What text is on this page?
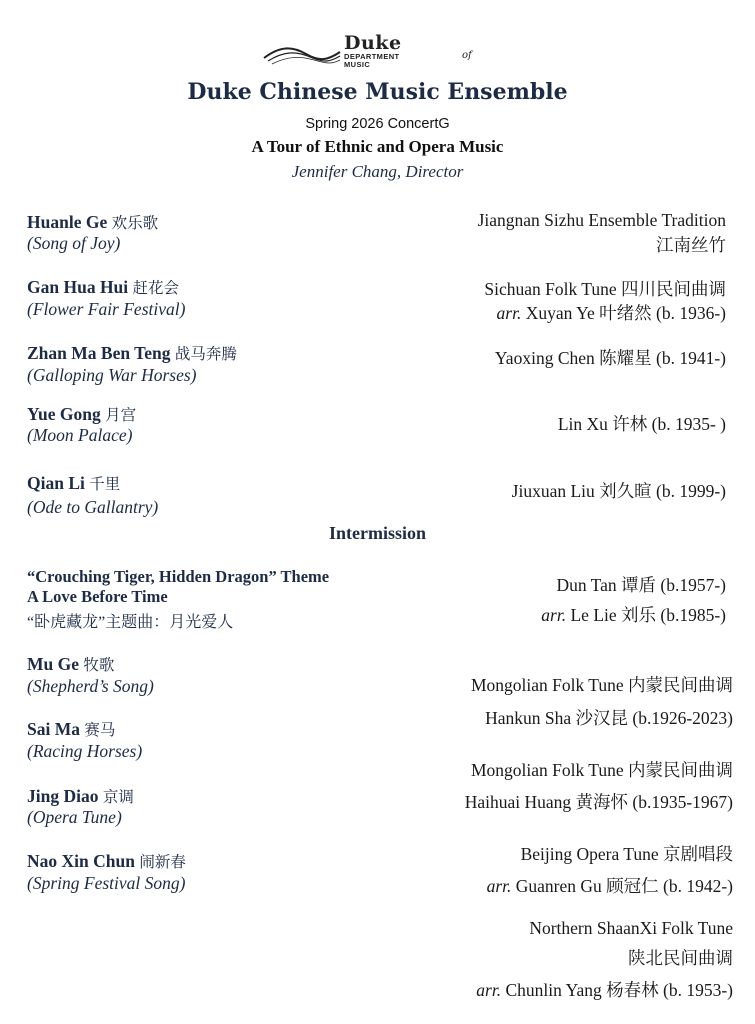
Duke
DEPARTMENT
MUSIC
of
Duke Chinese Music Ensemble
Spring 2026 ConcertG
A Tour of Ethnic and Opera Music
Jennifer Chang, Director
Huanle Ge 欢乐歌
(Song of Joy)
Gan Hua Hui 赶花会
(Flower Fair Festival)
Zhan Ma Ben Teng 战马奔腾
(Galloping War Horses)
Yue Gong 月宫
(Moon Palace)
Qian Li 千里
(Ode to Gallantry)
Jiangnan Sizhu Ensemble Tradition
江南丝竹
Sichuan Folk Tune 四川民间曲调
arr. Xuyan Ye 叶绪然 (b. 1936-)
Yaoxing Chen 陈耀星 (b. 1941-)
Lin Xu 许林 (b. 1935- )
Jiuxuan Liu 刘久暄 (b. 1999-)
Intermission
“Crouching Tiger, Hidden Dragon” Theme
A Love Before Time
“卧虎藏龙”主题曲：月光爱人
Dun Tan 谭盾 (b.1957-)
arr. Le Lie 刘乐 (b.1985-)
Mu Ge 牧歌
(Shepherd’s Song)
Sai Ma 赛马
(Racing Horses)
Jing Diao 京调
(Opera Tune)
Nao Xin Chun 闹新春
(Spring Festival Song)
Mongolian Folk Tune 内蒙民间曲调
Hankun Sha 沙汉昆 (b.1926-2023)
Mongolian Folk Tune 内蒙民间曲调
Haihuai Huang 黄海怀 (b.1935-1967)
Beijing Opera Tune 京剧唱段
arr. Guanren Gu 顾冠仁 (b. 1942-)
Northern ShaanXi Folk Tune
陕北民间曲调
arr. Chunlin Yang 杨春林 (b. 1953-)
